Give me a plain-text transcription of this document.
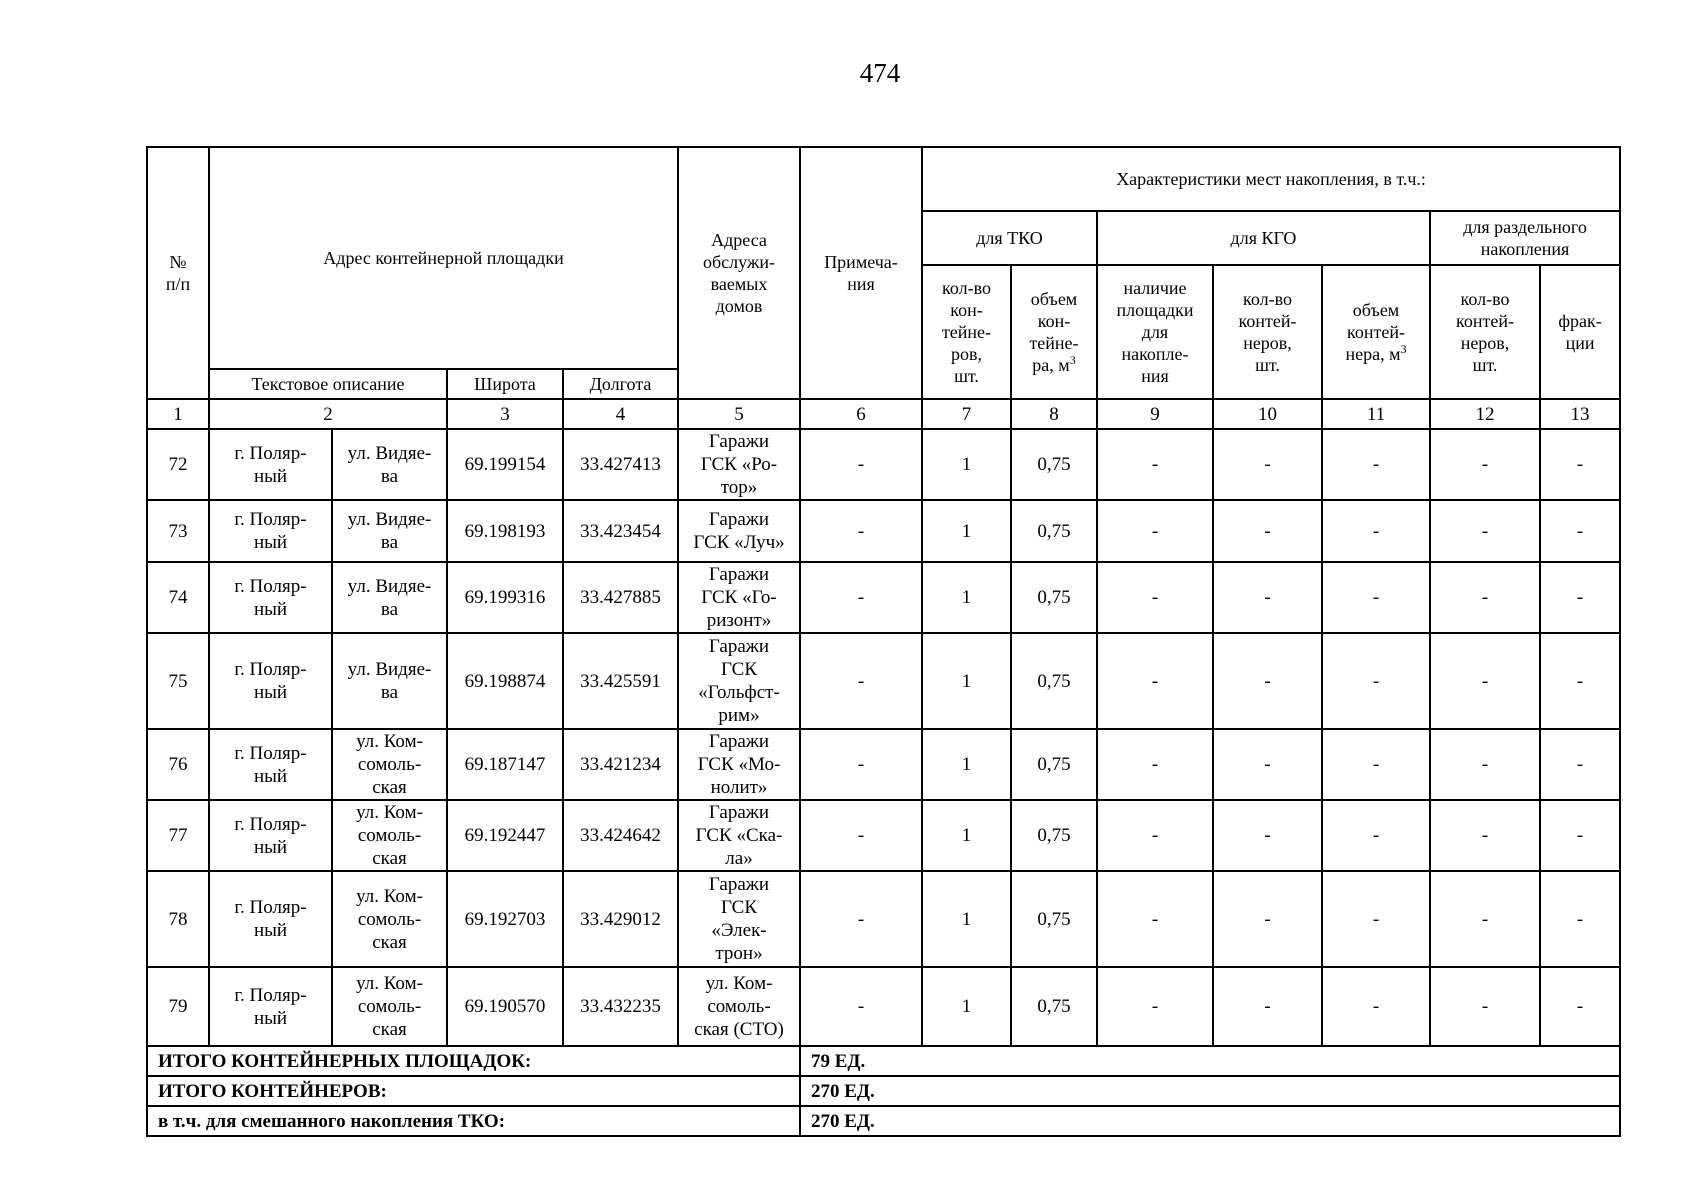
474
№
п/п	Адрес контейнерной площадки				Адреса
обслужи-
ваемых
домов	Примеча-
ния	Характеристики мест накопления, в т.ч.:						
							для ТКО		для КГО			для раздельного
накопления	
							кол-во
кон-
тейне-
ров,
шт.	объем
кон-
тейне-
ра, $м^3$	наличие
площадки
для
накопле-
ния	кол-во
контей-
неров,
шт.	объем
контей-
нера, $м^3$	кол-во
контей-
неров,
шт.	фрак-
ции
	Текстовое описание		Широта	Долгота									
1	2		3	4	5	6	7	8	9	10	11	12	13
72	г. Поляр-
ный	ул. Видяе-
ва	69.199154	33.427413	Гаражи
ГСК «Ро-
тор»	-	1	0,75	-	-	-	-	-
73	г. Поляр-
ный	ул. Видяе-
ва	69.198193	33.423454	Гаражи
ГСК «Луч»	-	1	0,75	-	-	-	-	-
74	г. Поляр-
ный	ул. Видяе-
ва	69.199316	33.427885	Гаражи
ГСК «Го-
ризонт»	-	1	0,75	-	-	-	-	-
75	г. Поляр-
ный	ул. Видяе-
ва	69.198874	33.425591	Гаражи
ГСК
«Гольфст-
рим»	-	1	0,75	-	-	-	-	-
76	г. Поляр-
ный	ул. Ком-
сомоль-
ская	69.187147	33.421234	Гаражи
ГСК «Мо-
нолит»	-	1	0,75	-	-	-	-	-
77	г. Поляр-
ный	ул. Ком-
сомоль-
ская	69.192447	33.424642	Гаражи
ГСК «Ска-
ла»	-	1	0,75	-	-	-	-	-
78	г. Поляр-
ный	ул. Ком-
сомоль-
ская	69.192703	33.429012	Гаражи
ГСК
«Элек-
трон»	-	1	0,75	-	-	-	-	-
79	г. Поляр-
ный	ул. Ком-
сомоль-
ская	69.190570	33.432235	ул. Ком-
сомоль-
ская (СТО)	-	1	0,75	-	-	-	-	-
ИТОГО КОНТЕЙНЕРНЫХ ПЛОЩАДОК:						79 ЕД.							
ИТОГО КОНТЕЙНЕРОВ:						270 ЕД.							
в т.ч. для смешанного накопления ТКО:						270 ЕД.							
